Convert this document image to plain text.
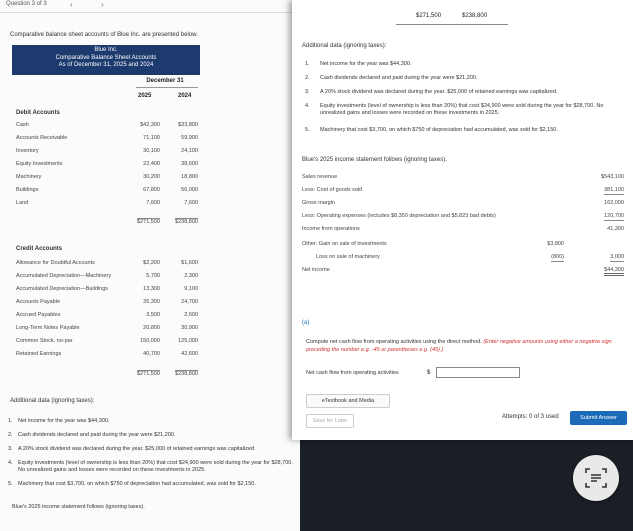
Question 3 of 3	‹	›
Comparative balance sheet accounts of Blue Inc. are presented below.
Blue Inc.
Comparative Balance Sheet Accounts
As of December 31, 2025 and 2024
December 31
2025	2024
Debit Accounts
Cash	$42,300	$33,800
Accounts Receivable	71,100	59,900
Inventory	30,100	24,100
Equity Investments	22,400	38,600
Machinery	30,200	18,800
Buildings	67,800	56,000
Land	7,600	7,600
$271,500	$238,800
Credit Accounts
Allowance for Doubtful Accounts	$2,200	$1,600
Accumulated Depreciation—Machinery	5,700	2,300
Accumulated Depreciation—Buildings	13,300	9,100
Accounts Payable	35,300	24,700
Accrued Payables	3,500	2,600
Long-Term Notes Payable	20,800	30,900
Common Stock, no-par	150,000	125,000
Retained Earnings	40,700	42,600
$271,500	$238,800
Additional data (ignoring taxes):
1. Net income for the year was $44,300.
2. Cash dividends declared and paid during the year were $21,200.
3. A 20% stock dividend was declared during the year. $25,000 of retained earnings was capitalized.
4. Equity investments (level of ownership is less than 20%) that cost $24,900 were sold during the year for $28,700. No unrealized gains and losses were recorded on these investments in 2025.
5. Machinery that cost $3,700, on which $750 of depreciation had accumulated, was sold for $2,150.
Blue's 2025 income statement follows (ignoring taxes).
$271,500	$238,800
Additional data (ignoring taxes):
1. Net income for the year was $44,300.
2. Cash dividends declared and paid during the year were $21,200.
3. A 20% stock dividend was declared during the year. $25,000 of retained earnings was capitalized.
4. Equity investments (level of ownership is less than 20%) that cost $24,900 were sold during the year for $28,700. No unrealized gains and losses were recorded on these investments in 2025.
5. Machinery that cost $3,700, on which $750 of depreciation had accumulated, was sold for $2,150.
Blue's 2025 income statement follows (ignoring taxes).
Sales revenue	$543,100
Less: Cost of goods sold	381,100
Gross margin	162,000
Less: Operating expenses (includes $8,350 depreciation and $5,823 bad debts)	120,700
Income from operations	41,300
Other: Gain on sale of investments	$3,800
Loss on sale of machinery	(800)	3,000
Net income	$44,300
(a)
Compute net cash flow from operating activities using the direct method. (Enter negative amounts using either a negative sign preceding the number e.g. -45 or parentheses e.g. (45).)
Net cash flow from operating activities	$
eTextbook and Media
Save for Later
Attempts: 0 of 3 used	Submit Answer
